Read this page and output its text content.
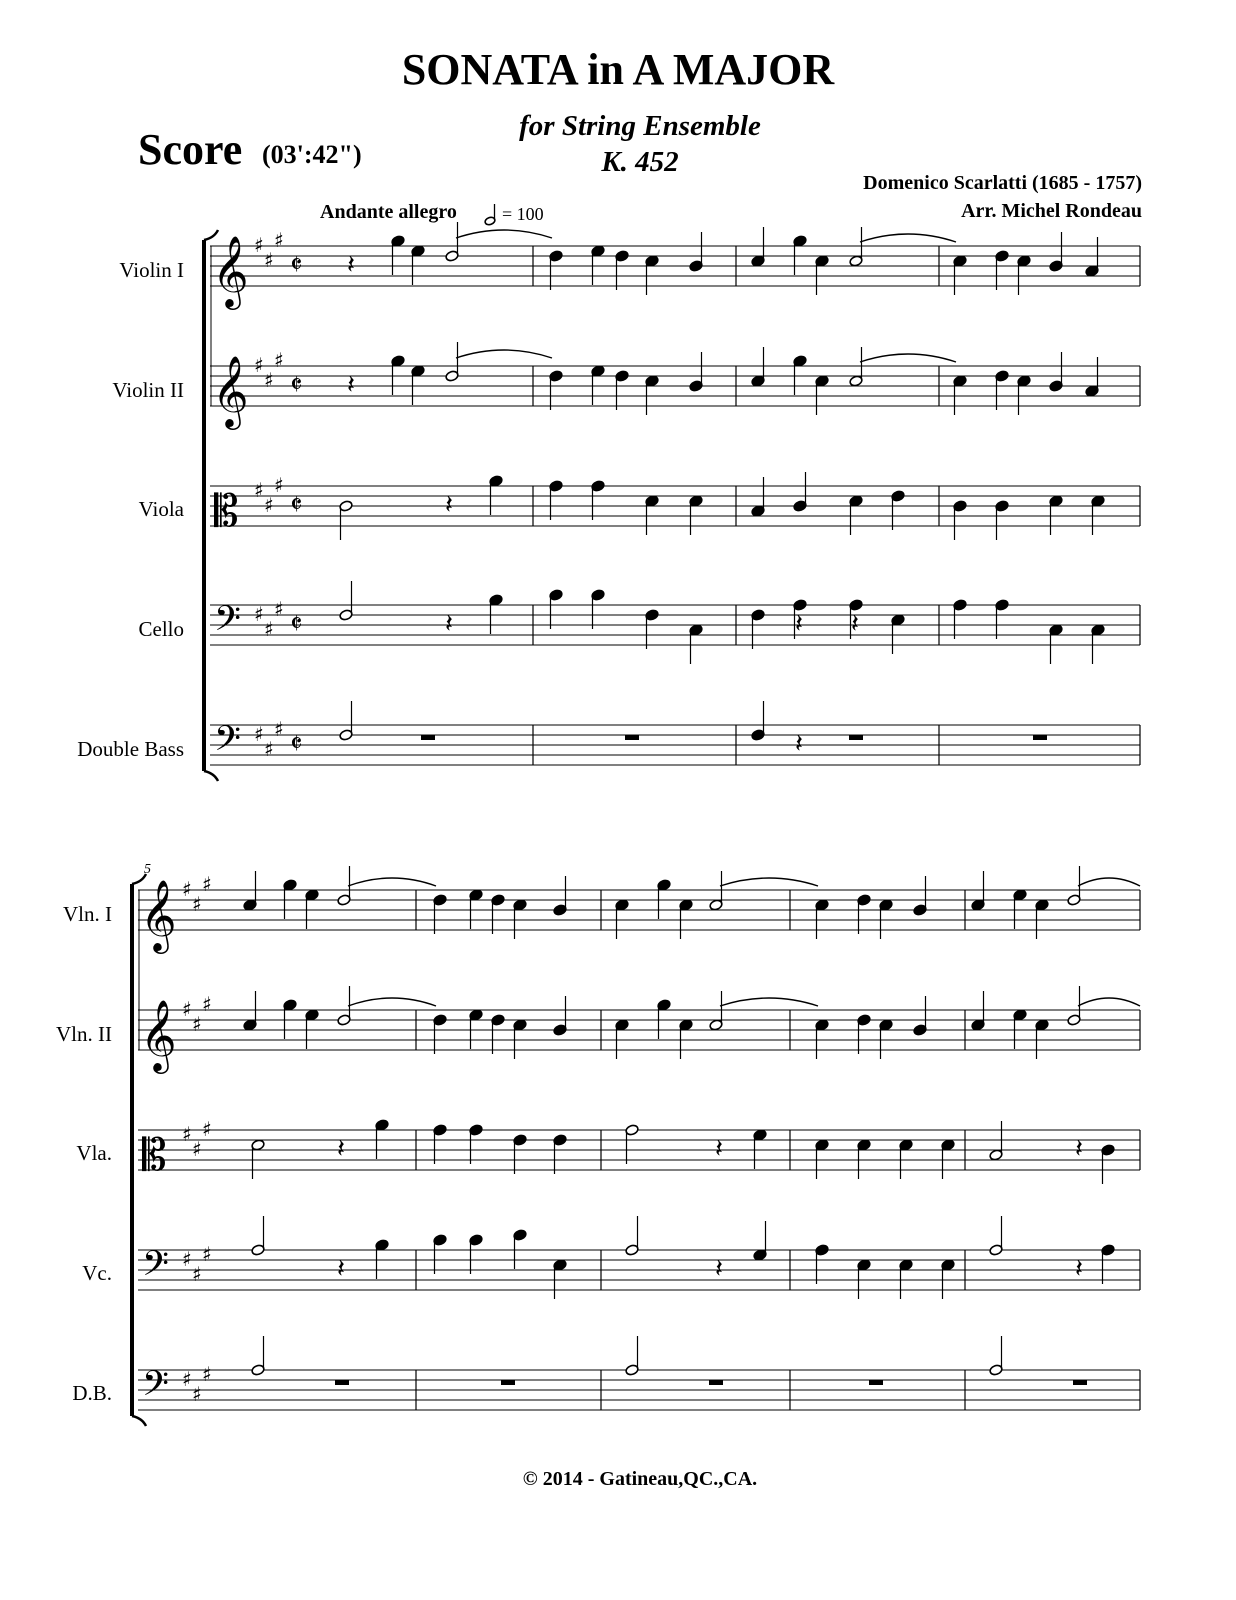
SONATA in A MAJOR
for String Ensemble
K. 452
Score (03':42")
Domenico Scarlatti (1685 - 1757)
Arr. Michel Rondeau
Andante allegro	= 100
Violin I
Violin II
Viola
Cello
Double Bass
Vln. I
Vln. II
Vla.
Vc.
D.B.
5
𝄞 ♯
♯
♯
𝄵
𝄞 ♯
♯
♯
𝄵
𝄡 ♯
♯
♯
𝄵
𝄢 ♯
♯
♯ 𝄵
𝄢 ♯
♯
♯ 𝄵
𝄞 ♯
♯
♯
𝄞 ♯
♯
♯
𝄡 ♯
♯
♯
𝄢 ♯
♯
♯
𝄢 ♯
♯
♯
𝄽
𝄽
𝄽
𝄽	𝄽 𝄽
𝄽
𝄽	𝄽	𝄽
𝄽	𝄽	𝄽
© 2014 - Gatineau,QC.,CA.
